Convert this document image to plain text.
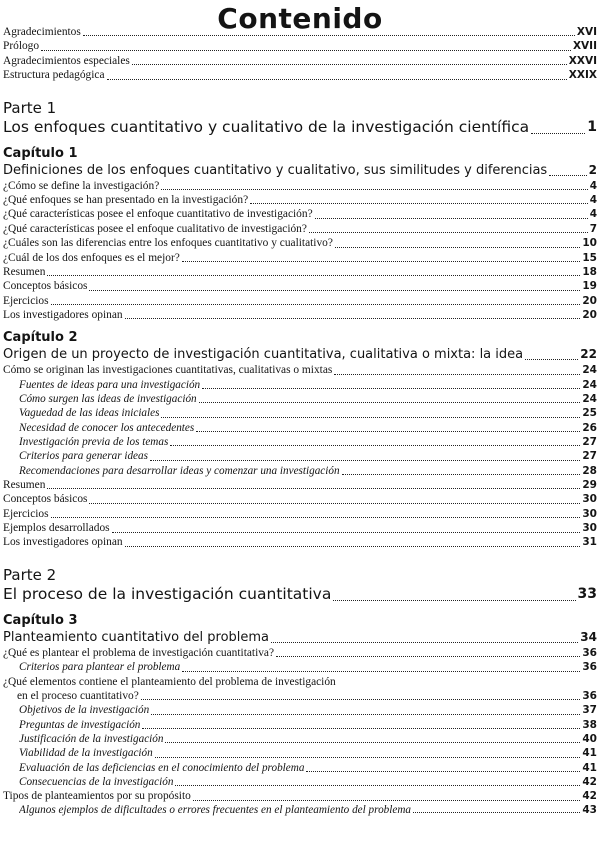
Contenido
Agradecimientos	XVI
Prólogo	XVII
Agradecimientos especiales	XXVI
Estructura pedagógica	XXIX
Parte 1
Los enfoques cuantitativo y cualitativo de la investigación científica	1
Capítulo 1
Definiciones de los enfoques cuantitativo y cualitativo, sus similitudes y diferencias	2
¿Cómo se define la investigación?	4
¿Qué enfoques se han presentado en la investigación?	4
¿Qué características posee el enfoque cuantitativo de investigación?	4
¿Qué características posee el enfoque cualitativo de investigación?	7
¿Cuáles son las diferencias entre los enfoques cuantitativo y cualitativo?	10
¿Cuál de los dos enfoques es el mejor?	15
Resumen	18
Conceptos básicos	19
Ejercicios	20
Los investigadores opinan	20
Capítulo 2
Origen de un proyecto de investigación cuantitativa, cualitativa o mixta: la idea	22
Cómo se originan las investigaciones cuantitativas, cualitativas o mixtas	24
Fuentes de ideas para una investigación	24
Cómo surgen las ideas de investigación	24
Vaguedad de las ideas iniciales	25
Necesidad de conocer los antecedentes	26
Investigación previa de los temas	27
Criterios para generar ideas	27
Recomendaciones para desarrollar ideas y comenzar una investigación	28
Resumen	29
Conceptos básicos	30
Ejercicios	30
Ejemplos desarrollados	30
Los investigadores opinan	31
Parte 2
El proceso de la investigación cuantitativa	33
Capítulo 3
Planteamiento cuantitativo del problema	34
¿Qué es plantear el problema de investigación cuantitativa?	36
Criterios para plantear el problema	36
¿Qué elementos contiene el planteamiento del problema de investigación
en el proceso cuantitativo?	36
Objetivos de la investigación	37
Preguntas de investigación	38
Justificación de la investigación	40
Viabilidad de la investigación	41
Evaluación de las deficiencias en el conocimiento del problema	41
Consecuencias de la investigación	42
Tipos de planteamientos por su propósito	42
Algunos ejemplos de dificultades o errores frecuentes en el planteamiento del problema	43
